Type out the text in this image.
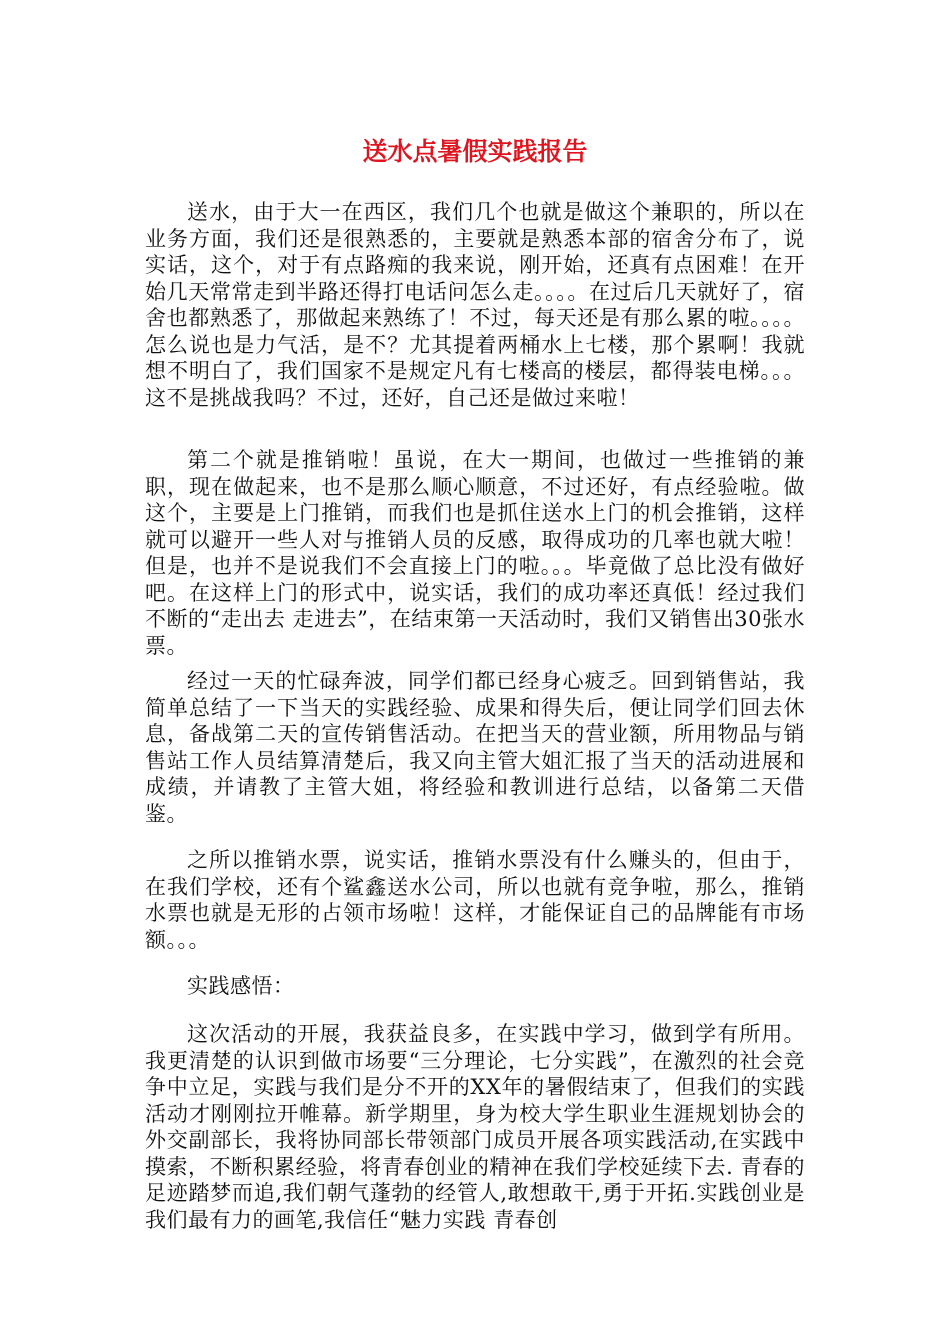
送水点暑假实践报告

送水，由于大一在西区，我们几个也就是做这个兼职的，所以在业务方面，我们还是很熟悉的，主要就是熟悉本部的宿舍分布了，说实话，这个，对于有点路痴的我来说，刚开始，还真有点困难！在开始几天常常走到半路还得打电话问怎么走。。。。在过后几天就好了，宿舍也都熟悉了，那做起来熟练了！不过，每天还是有那么累的啦。。。。怎么说也是力气活，是不？尤其提着两桶水上七楼，那个累啊！我就想不明白了，我们国家不是规定凡有七楼高的楼层，都得装电梯。。。这不是挑战我吗？不过，还好，自己还是做过来啦！

第二个就是推销啦！虽说，在大一期间，也做过一些推销的兼职，现在做起来，也不是那么顺心顺意，不过还好，有点经验啦。做这个，主要是上门推销，而我们也是抓住送水上门的机会推销，这样就可以避开一些人对与推销人员的反感，取得成功的几率也就大啦！但是，也并不是说我们不会直接上门的啦。。。毕竟做了总比没有做好吧。在这样上门的形式中，说实话，我们的成功率还真低！经过我们不断的“走出去 走进去”，在结束第一天活动时，我们又销售出30张水票。

经过一天的忙碌奔波，同学们都已经身心疲乏。回到销售站，我简单总结了一下当天的实践经验、成果和得失后，便让同学们回去休息，备战第二天的宣传销售活动。在把当天的营业额，所用物品与销售站工作人员结算清楚后，我又向主管大姐汇报了当天的活动进展和成绩，并请教了主管大姐，将经验和教训进行总结，以备第二天借鉴。

之所以推销水票，说实话，推销水票没有什么赚头的，但由于，在我们学校，还有个鲨鑫送水公司，所以也就有竞争啦，那么，推销水票也就是无形的占领市场啦！这样，才能保证自己的品牌能有市场额。。。

实践感悟：

这次活动的开展，我获益良多，在实践中学习，做到学有所用。我更清楚的认识到做市场要“三分理论，七分实践”，在激烈的社会竞争中立足，实践与我们是分不开的XX年的暑假结束了，但我们的实践活动才刚刚拉开帷幕。新学期里，身为校大学生职业生涯规划协会的外交副部长，我将协同部长带领部门成员开展各项实践活动,在实践中摸索，不断积累经验，将青春创业的精神在我们学校延续下去. 青春的足迹踏梦而追,我们朝气蓬勃的经管人,敢想敢干,勇于开拓.实践创业是我们最有力的画笔,我信任“魅力实践 青春创
